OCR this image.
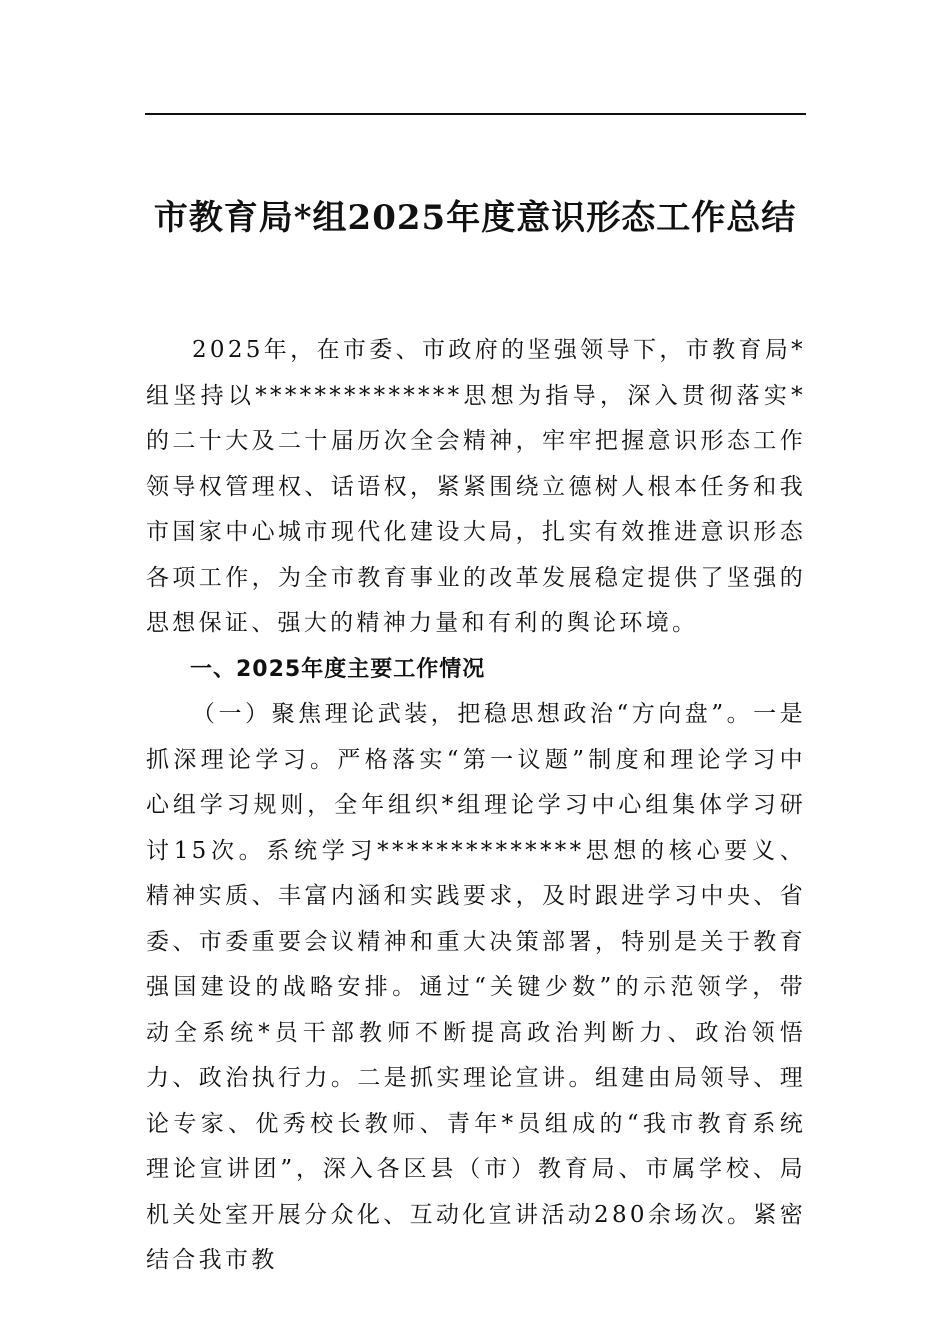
市教育局*组2025年度意识形态工作总结

2025年，在市委、市政府的坚强领导下，市教育局*组坚持以**************思想为指导，深入贯彻落实*的二十大及二十届历次全会精神，牢牢把握意识形态工作领导权管理权、话语权，紧紧围绕立德树人根本任务和我市国家中心城市现代化建设大局，扎实有效推进意识形态各项工作，为全市教育事业的改革发展稳定提供了坚强的思想保证、强大的精神力量和有利的舆论环境。

一、2025年度主要工作情况

（一）聚焦理论武装，把稳思想政治“方向盘”。一是抓深理论学习。严格落实“第一议题”制度和理论学习中心组学习规则，全年组织*组理论学习中心组集体学习研讨15次。系统学习**************思想的核心要义、精神实质、丰富内涵和实践要求，及时跟进学习中央、省委、市委重要会议精神和重大决策部署，特别是关于教育强国建设的战略安排。通过“关键少数”的示范领学，带动全系统*员干部教师不断提高政治判断力、政治领悟力、政治执行力。二是抓实理论宣讲。组建由局领导、理论专家、优秀校长教师、青年*员组成的“我市教育系统理论宣讲团”，深入各区县（市）教育局、市属学校、局机关处室开展分众化、互动化宣讲活动280余场次。紧密结合我市教
